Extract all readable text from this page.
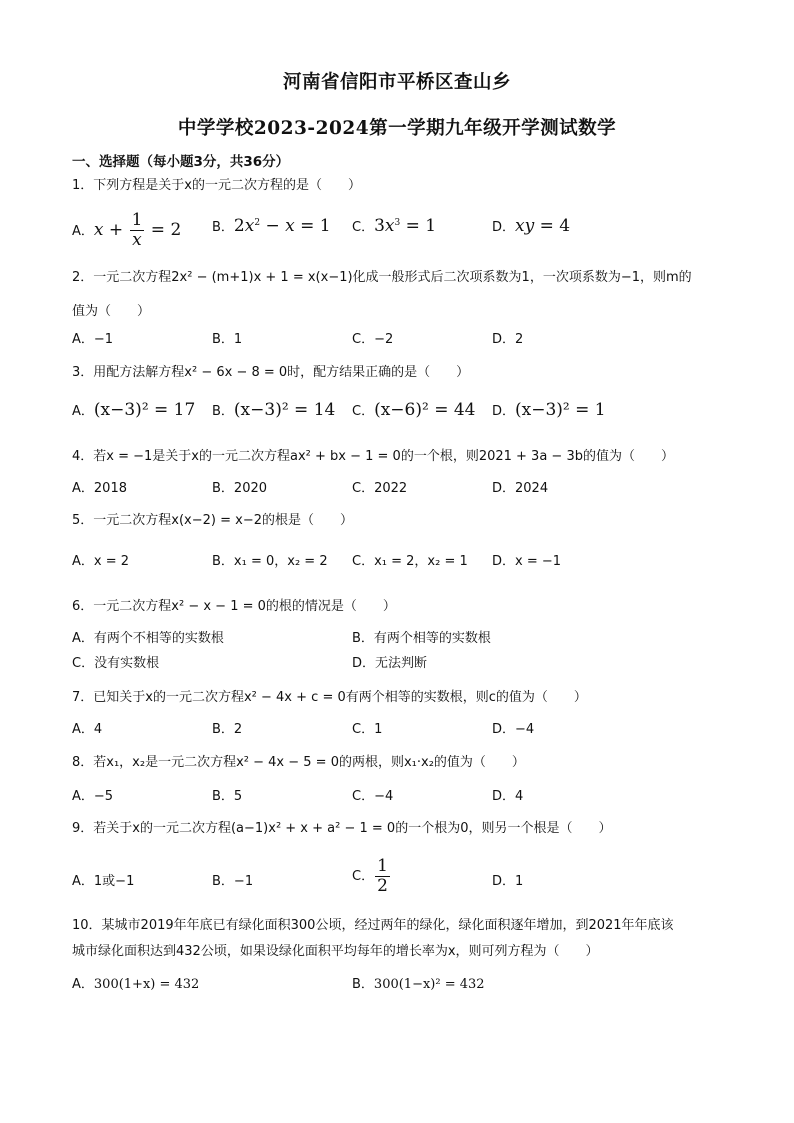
河南省信阳市平桥区查山乡
中学学校2023-2024第一学期九年级开学测试数学
一、选择题（每小题3分，共36分）
1．下列方程是关于x的一元二次方程的是（　　）
A．$x + \frac{1}{x} = 2$ B．$2x^2 - x = 1$ C．$3x^3 = 1$	D．xy = 4
2．一元二次方程2x² − (m+1)x + 1 = x(x−1)化成一般形式后二次项系数为1，一次项系数为−1，则m的
值为（　　）
A．−1	B．1	C．−2	D．2
3．用配方法解方程x² − 6x − 8 = 0时，配方结果正确的是（　　）
A．(x−3)² = 17 B．(x−3)² = 14 C．(x−6)² = 44 D．(x−3)² = 1
4．若x = −1是关于x的一元二次方程ax² + bx − 1 = 0的一个根，则2021 + 3a − 3b的值为（　　）
A．2018	B．2020	C．2022	D．2024
5．一元二次方程x(x−2) = x−2的根是（　　）
A．x = 2	B．x₁ = 0，x₂ = 2 C．x₁ = 2，x₂ = 1 D．x = −1
6．一元二次方程x² − x − 1 = 0的根的情况是（　　）
A．有两个不相等的实数根	B．有两个相等的实数根
C．没有实数根	D．无法判断
7．已知关于x的一元二次方程x² − 4x + c = 0有两个相等的实数根，则c的值为（　　）
A．4	B．2	C．1	D．−4
8．若x₁，x₂是一元二次方程x² − 4x − 5 = 0的两根，则x₁·x₂的值为（　　）
A．−5	B．5	C．−4	D．4
9．若关于x的一元二次方程(a−1)x² + x + a² − 1 = 0的一个根为0，则另一个根是（　　）
A．1或−1	B．−1	C． $\frac{1}{2}$	D．1
10．某城市2019年年底已有绿化面积300公顷，经过两年的绿化，绿化面积逐年增加，到2021年年底该
城市绿化面积达到432公顷，如果设绿化面积平均每年的增长率为x，则可列方程为（　　）
A．300(1+x) = 432	B．300(1−x)² = 432
